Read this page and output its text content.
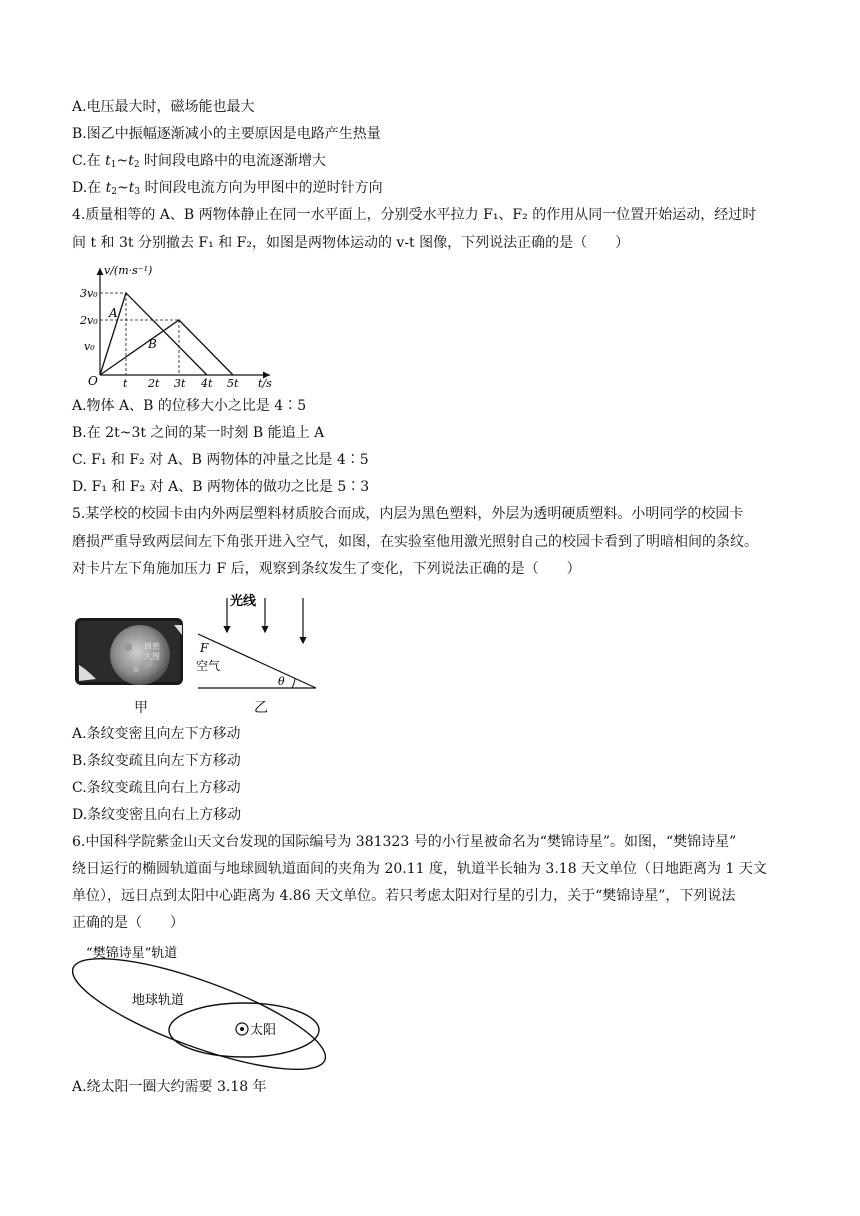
A.电压最大时，磁场能也最大
B.图乙中振幅逐渐减小的主要原因是电路产生热量
C.在 $t_1\sim t_2$ 时间段电路中的电流逐渐增大
D.在 $t_2\sim t_3$ 时间段电流方向为甲图中的逆时针方向
4.质量相等的 A、B 两物体静止在同一水平面上，分别受水平拉力 F₁、F₂ 的作用从同一位置开始运动，经过时
间 t 和 3t 分别撤去 F₁ 和 F₂，如图是两物体运动的 v-t 图像，下列说法正确的是（　　）
v/(m·s⁻¹)
3v₀
2v₀
v₀
O t 2t 3t 4t 5t t/s
A
B
A.物体 A、B 的位移大小之比是 4∶5
B.在 2t~3t 之间的某一时刻 B 能追上 A
C. F₁ 和 F₂ 对 A、B 两物体的冲量之比是 4∶5
D. F₁ 和 F₂ 对 A、B 两物体的做功之比是 5∶3
5.某学校的校园卡由内外两层塑料材质胶合而成，内层为黑色塑料，外层为透明硬质塑料。小明同学的校园卡
磨损严重导致两层间左下角张开进入空气，如图，在实验室他用激光照射自己的校园卡看到了明暗相间的条纹。
对卡片左下角施加压力 F 后，观察到条纹发生了变化，下列说法正确的是（　　）
周密
大图
甲
光线
F
空气
θ
乙
A.条纹变密且向左下方移动
B.条纹变疏且向左下方移动
C.条纹变疏且向右上方移动
D.条纹变密且向右上方移动
6.中国科学院紫金山天文台发现的国际编号为 381323 号的小行星被命名为“樊锦诗星”。如图，“樊锦诗星”
绕日运行的椭圆轨道面与地球圆轨道面间的夹角为 20.11 度，轨道半长轴为 3.18 天文单位（日地距离为 1 天文
单位），远日点到太阳中心距离为 4.86 天文单位。若只考虑太阳对行星的引力，关于“樊锦诗星”，下列说法
正确的是（　　）
“樊锦诗星”轨道
地球轨道
太阳
A.绕太阳一圈大约需要 3.18 年
